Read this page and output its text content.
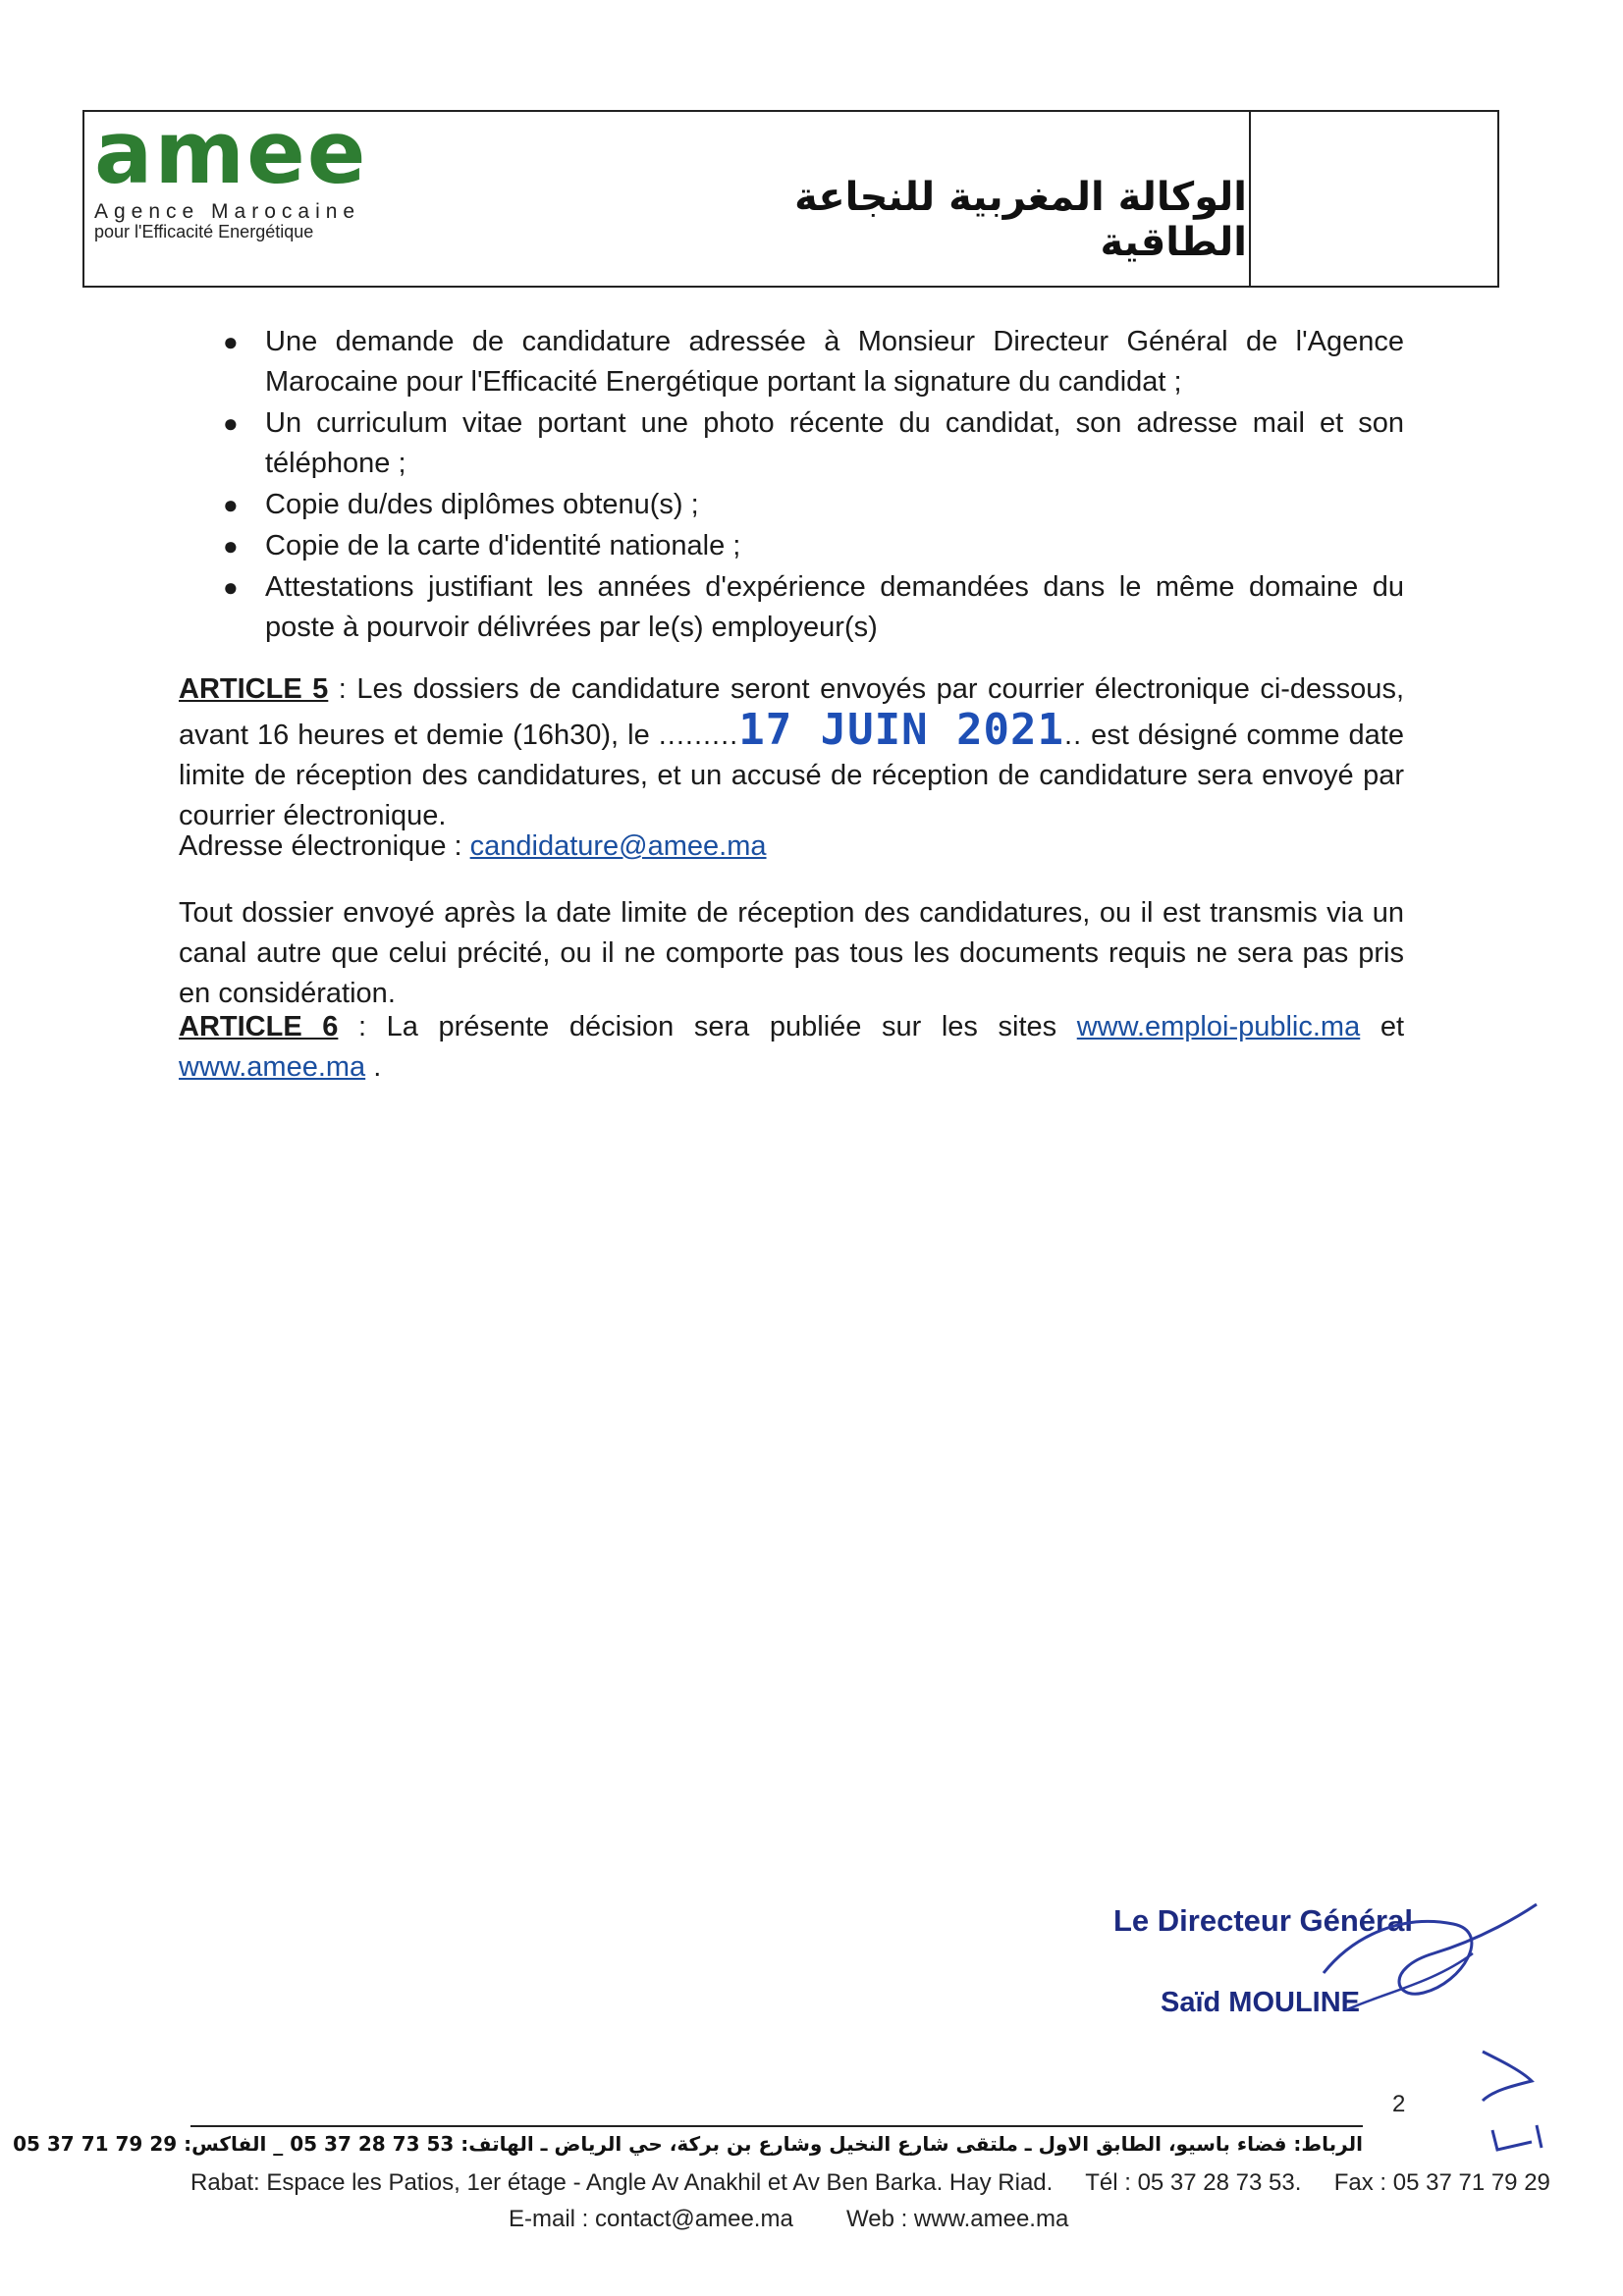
amee
Agence Marocaine
pour l'Efficacité Energétique
الوكالة المغربية للنجاعة الطاقية
● Une demande de candidature adressée à Monsieur Directeur Général de l'Agence Marocaine pour l'Efficacité Energétique portant la signature du candidat ;
● Un curriculum vitae portant une photo récente du candidat, son adresse mail et son téléphone ;
● Copie du/des diplômes obtenu(s) ;
● Copie de la carte d'identité nationale ;
● Attestations justifiant les années d'expérience demandées dans le même domaine du poste à pourvoir délivrées par le(s) employeur(s)
ARTICLE 5 : Les dossiers de candidature seront envoyés par courrier électronique ci-dessous, avant 16 heures et demie (16h30), le .........17 JUIN 2021.. est désigné comme date limite de réception des candidatures, et un accusé de réception de candidature sera envoyé par courrier électronique.
Adresse électronique : candidature@amee.ma
Tout dossier envoyé après la date limite de réception des candidatures, ou il est transmis via un canal autre que celui précité, ou il ne comporte pas tous les documents requis ne sera pas pris en considération.
ARTICLE 6 : La présente décision sera publiée sur les sites www.emploi-public.ma et www.amee.ma .
Le Directeur Général
Saïd MOULINE
2
الرباط: فضاء باسيو، الطابق الاول ـ ملتقى شارع النخيل وشارع بن بركة، حي الرياض ـ الهاتف: 53 73 28 37 05 _ الفاكس: 29 79 71 37 05
Rabat: Espace les Patios, 1er étage - Angle Av Anakhil et Av Ben Barka. Hay Riad. Tél : 05 37 28 73 53. Fax : 05 37 71 79 29
E-mail : contact@amee.ma Web : www.amee.ma
